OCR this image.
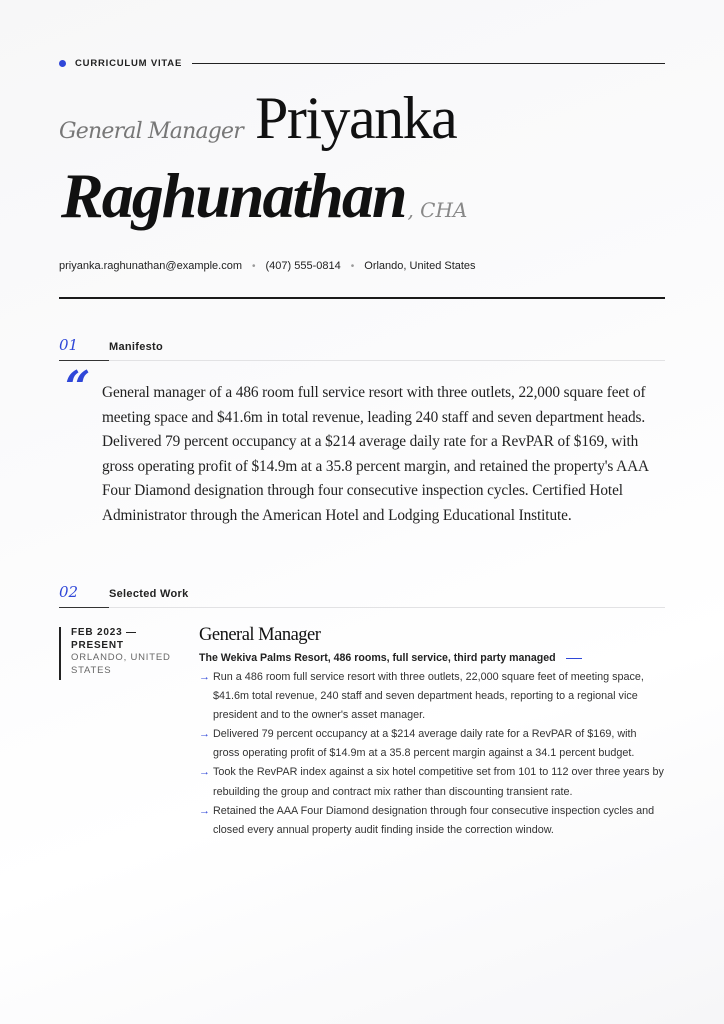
CURRICULUM VITAE
General Manager Priyanka
Raghunathan , CHA
priyanka.raghunathan@example.com • (407) 555-0814 • Orlando, United States
01	Manifesto
“ General manager of a 486 room full service resort with three outlets, 22,000 square feet of meeting space and $41.6m in total revenue, leading 240 staff and seven department heads. Delivered 79 percent occupancy at a $214 average daily rate for a RevPAR of $169, with gross operating profit of $14.9m at a 35.8 percent margin, and retained the property's AAA Four Diamond designation through four consecutive inspection cycles. Certified Hotel Administrator through the American Hotel and Lodging Educational Institute.

02	Selected Work
FEB 2023 —
PRESENT
ORLANDO, UNITED
STATES
General Manager
The Wekiva Palms Resort, 486 rooms, full service, third party managed
→ Run a 486 room full service resort with three outlets, 22,000 square feet of meeting space, $41.6m total revenue, 240 staff and seven department heads, reporting to a regional vice president and to the owner's asset manager.
→ Delivered 79 percent occupancy at a $214 average daily rate for a RevPAR of $169, with gross operating profit of $14.9m at a 35.8 percent margin against a 34.1 percent budget.
→ Took the RevPAR index against a six hotel competitive set from 101 to 112 over three years by rebuilding the group and contract mix rather than discounting transient rate.
→ Retained the AAA Four Diamond designation through four consecutive inspection cycles and closed every annual property audit finding inside the correction window.
